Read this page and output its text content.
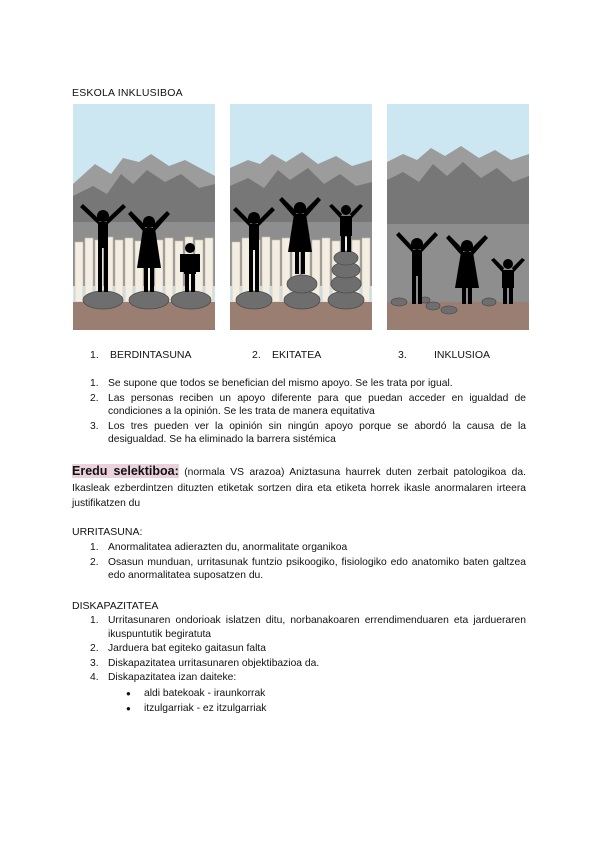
ESKOLA INKLUSIBOA
1. BERDINTASUNA	2. EKITATEA	3.	INKLUSIOA
1. Se supone que todos se benefician del mismo apoyo. Se les trata por igual.
2. Las personas reciben un apoyo diferente para que puedan acceder en igualdad de condiciones a la opinión. Se les trata de manera equitativa
3. Los tres pueden ver la opinión sin ningún apoyo porque se abordó la causa de la desigualdad. Se ha eliminado la barrera sistémica
Eredu selektiboa: (normala VS arazoa) Aniztasuna haurrek duten zerbait patologikoa da. Ikasleak ezberdintzen dituzten etiketak sortzen dira eta etiketa horrek ikasle anormalaren irteera justifikatzen du
URRITASUNA:
1. Anormalitatea adierazten du, anormalitate organikoa
2. Osasun munduan, urritasunak funtzio psikoogiko, fisiologiko edo anatomiko baten galtzea edo anormalitatea suposatzen du.
DISKAPAZITATEA
1. Urritasunaren ondorioak islatzen ditu, norbanakoaren errendimenduaren eta jardueraren ikuspuntutik begiratuta
2. Jarduera bat egiteko gaitasun falta
3. Diskapazitatea urritasunaren objektibazioa da.
4. Diskapazitatea izan daiteke:
● aldi batekoak - iraunkorrak
● itzulgarriak - ez itzulgarriak
